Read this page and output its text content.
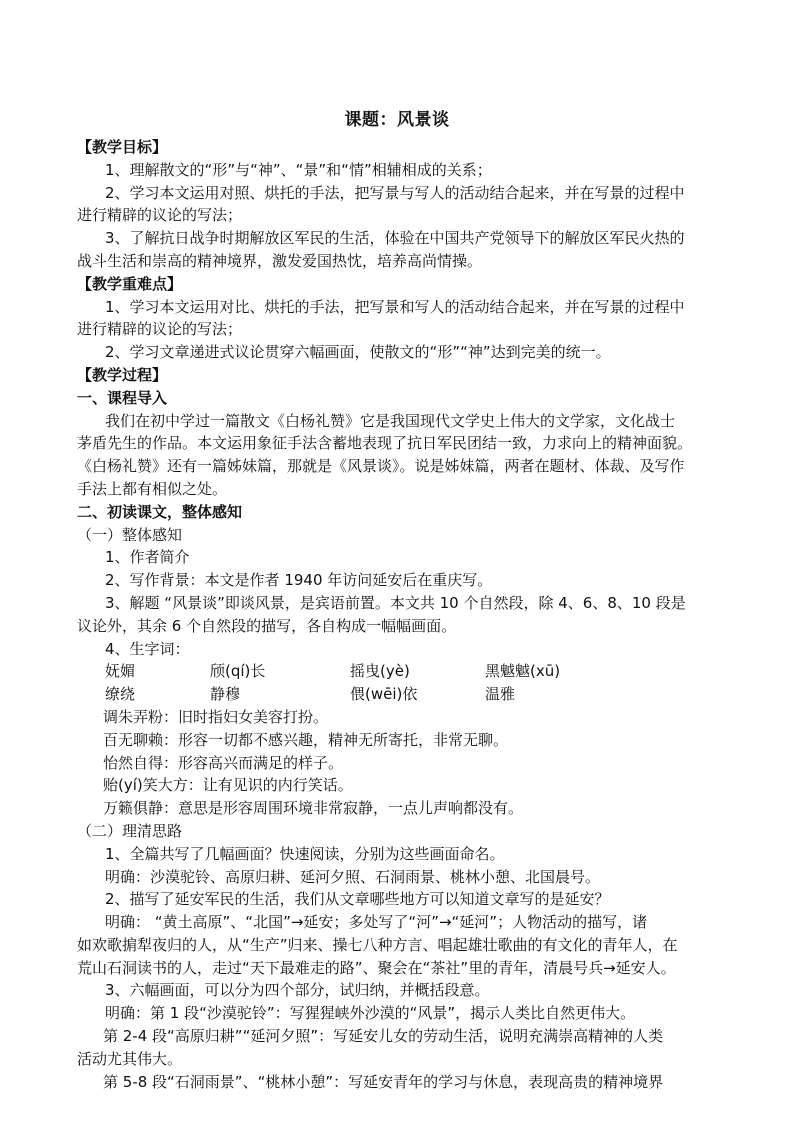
课题：风景谈
【教学目标】
1、理解散文的“形”与“神”、“景”和“情”相辅相成的关系；
2、学习本文运用对照、烘托的手法，把写景与写人的活动结合起来，并在写景的过程中
进行精辟的议论的写法；
3、了解抗日战争时期解放区军民的生活，体验在中国共产党领导下的解放区军民火热的
战斗生活和崇高的精神境界，激发爱国热忱，培养高尚情操。
【教学重难点】
1、学习本文运用对比、烘托的手法，把写景和写人的活动结合起来，并在写景的过程中
进行精辟的议论的写法；
2、学习文章递进式议论贯穿六幅画面，使散文的“形”“神”达到完美的统一。
【教学过程】
一、课程导入
我们在初中学过一篇散文《白杨礼赞》它是我国现代文学史上伟大的文学家，文化战士
茅盾先生的作品。本文运用象征手法含蓄地表现了抗日军民团结一致，力求向上的精神面貌。
《白杨礼赞》还有一篇姊妹篇，那就是《风景谈》。说是姊妹篇，两者在题材、体裁、及写作
手法上都有相似之处。
二、初读课文，整体感知
（一）整体感知
1、作者简介
2、写作背景：本文是作者 1940 年访问延安后在重庆写。
3、解题 “风景谈”即谈风景，是宾语前置。本文共 10 个自然段，除 4、6、8、10 段是
议论外，其余 6 个自然段的描写，各自构成一幅幅画面。
4、生字词：
妩媚	颀(qí)长	摇曳(yè)	黑魆魆(xū)
缭绕	静穆	偎(wēi)依	温雅
调朱弄粉：旧时指妇女美容打扮。
百无聊赖：形容一切都不感兴趣，精神无所寄托，非常无聊。
怡然自得：形容高兴而满足的样子。
贻(yí)笑大方：让有见识的内行笑话。
万籁俱静：意思是形容周围环境非常寂静，一点儿声响都没有。
（二）理清思路
1、全篇共写了几幅画面？快速阅读，分别为这些画面命名。
明确：沙漠驼铃、高原归耕、延河夕照、石洞雨景、桃林小憩、北国晨号。
2、描写了延安军民的生活，我们从文章哪些地方可以知道文章写的是延安？
明确： “黄土高原”、“北国”→延安；多处写了“河”→“延河”；人物活动的描写，诸
如欢歌掮犁夜归的人，从“生产”归来、操七八种方言、唱起雄壮歌曲的有文化的青年人，在
荒山石洞读书的人，走过“天下最难走的路”、聚会在“茶社”里的青年，清晨号兵→延安人。
3、六幅画面，可以分为四个部分，试归纳，并概括段意。
明确：第 1 段“沙漠驼铃”：写猩猩峡外沙漠的“风景”，揭示人类比自然更伟大。
第 2-4 段“高原归耕”“延河夕照”：写延安儿女的劳动生活，说明充满崇高精神的人类
活动尤其伟大。
第 5-8 段“石洞雨景”、“桃林小憩”：写延安青年的学习与休息，表现高贵的精神境界
